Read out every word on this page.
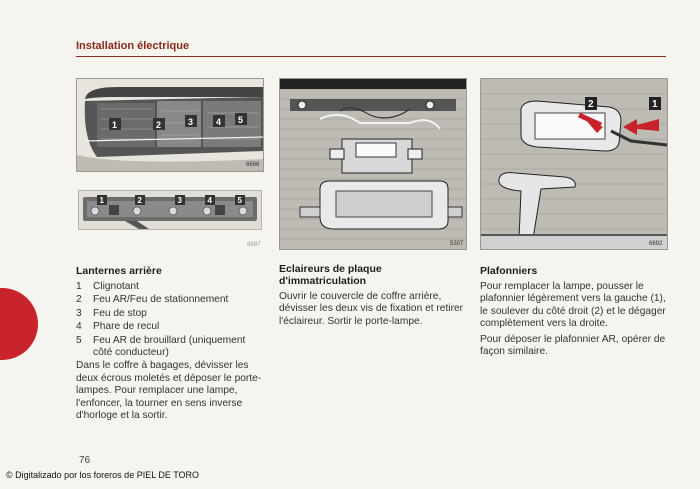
Installation électrique
1	2	3	4 5
6696
1	2	3	4	5
6697	5307
2	1
6692
Lanternes arrière
1	Clignotant
2	Feu AR/Feu de stationnement
3	Feu de stop
4	Phare de recul
5	Feu AR de brouillard (uniquement côté conducteur)

Dans le coffre à bagages, dévisser les deux écrous moletés et déposer le porte-lampes. Pour remplacer une lampe, l'enfoncer, la tourner en sens inverse d'horloge et la sortir.

Eclaireurs de plaque d'immatriculation

Ouvrir le couvercle de coffre arrière, dévisser les deux vis de fixation et retirer l'éclaireur. Sortir le porte-lampe.

Plafonniers

Pour remplacer la lampe, pousser le plafonnier légèrement vers la gauche (1), le soulever du côté droit (2) et le dégager complètement vers la droite.

Pour déposer le plafonnier AR, opérer de façon similaire.

76
© Digitalizado por los foreros de PIEL DE TORO
